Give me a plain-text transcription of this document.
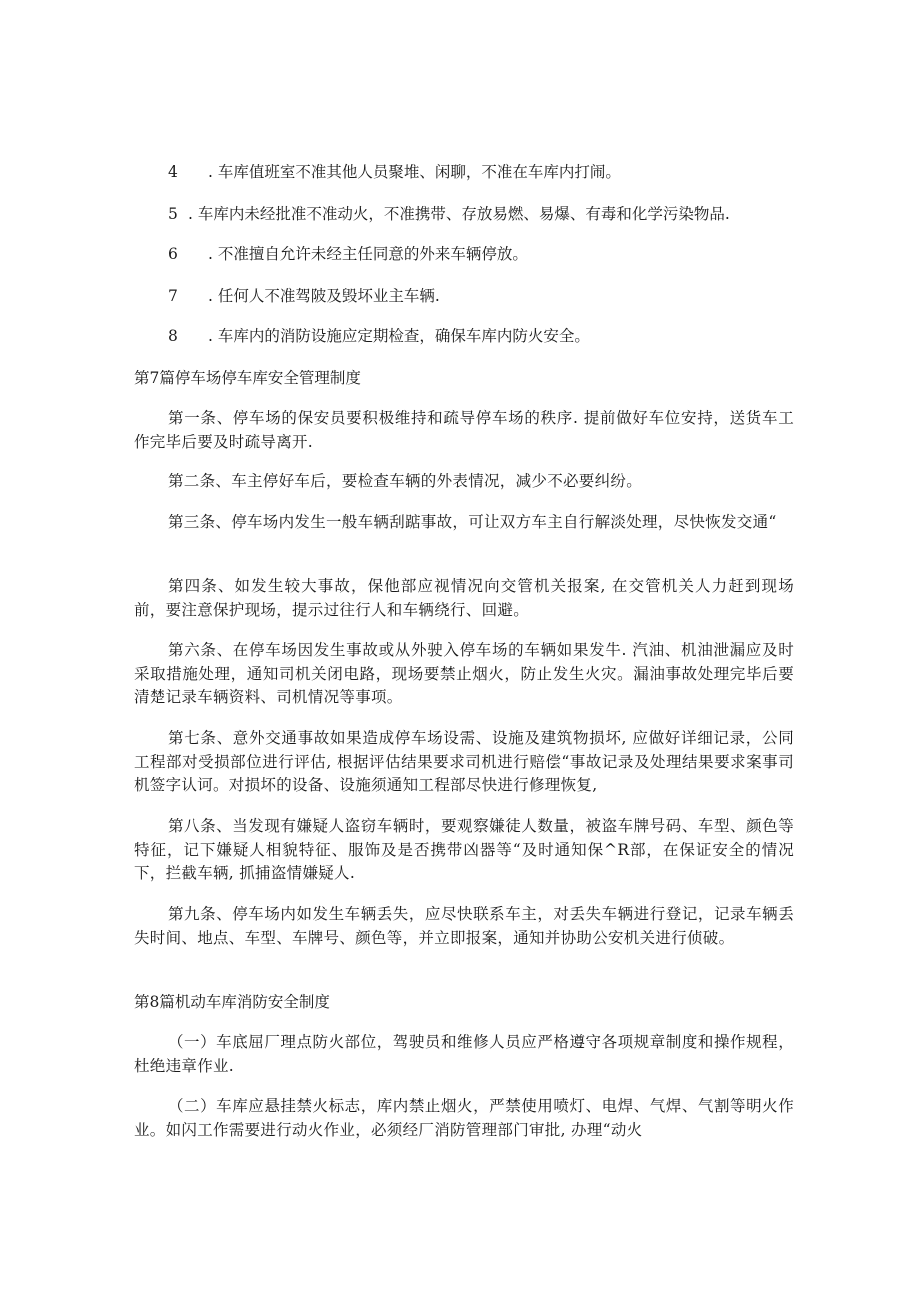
4 . 车库值班室不准其他人员聚堆、闲聊，不准在车库内打闹。
5 . 车库内未经批准不准动火，不准携带、存放易燃、易爆、有毒和化学污染物品.
6 . 不准擅自允许未经主任同意的外来车辆停放。
7 . 任何人不准驾陂及毁坏业主车辆.
8 . 车库内的消防设施应定期检查，确保车库内防火安全。
第7篇停车场停车库安全管理制度
第一条、停车场的保安员要积极维持和疏导停车场的秩序. 提前做好车位安持，送货车工作完毕后要及时疏导离开.
第二条、车主停好车后，要检查车辆的外表情况，减少不必要纠纷。
第三条、停车场内发生一般车辆刮踮事故，可让双方车主自行解淡处理，尽快恢发交通“
第四条、如发生较大事故，保他部应视情况向交管机关报案, 在交管机关人力赶到现场前，要注意保护现场，提示过往行人和车辆绕行、回避。
第六条、在停车场因发生事故或从外驶入停车场的车辆如果发牛. 汽油、机油泄漏应及时采取措施处理，通知司机关闭电路，现场要禁止烟火，防止发生火灾。漏油事故处理完毕后要清楚记录车辆资料、司机情况等事项。
第七条、意外交通事故如果造成停车场设需、设施及建筑物损坏, 应做好详细记录，公同工程部对受损部位进行评估, 根据评估结果要求司机进行赔偿“事故记录及处理结果要求案事司机签字认诃。对损坏的设备、设施须通知工程部尽快进行修理恢复,
第八条、当发现有嫌疑人盗窃车辆时，要观察嫌徒人数量，被盗车牌号码、车型、颜色等特征，记下嫌疑人相貌特征、服饰及是否携带凶器等“及时通知保^R部，在保证安全的情况下，拦截车辆, 抓捕盗情嫌疑人.
第九条、停车场内如发生车辆丢失，应尽快联系车主，对丢失车辆进行登记，记录车辆丢失时间、地点、车型、车牌号、颜色等，并立即报案，通知并协助公安机关进行侦破。
第8篇机动车库消防安全制度
（一）车底屈厂理点防火部位，驾驶员和维修人员应严格遵守各项规章制度和操作规程，杜绝违章作业.
（二）车库应悬挂禁火标志，库内禁止烟火，严禁使用喷灯、电焊、气焊、气割等明火作业。如闪工作需要进行动火作业，必须经厂消防管理部门审批, 办理“动火
